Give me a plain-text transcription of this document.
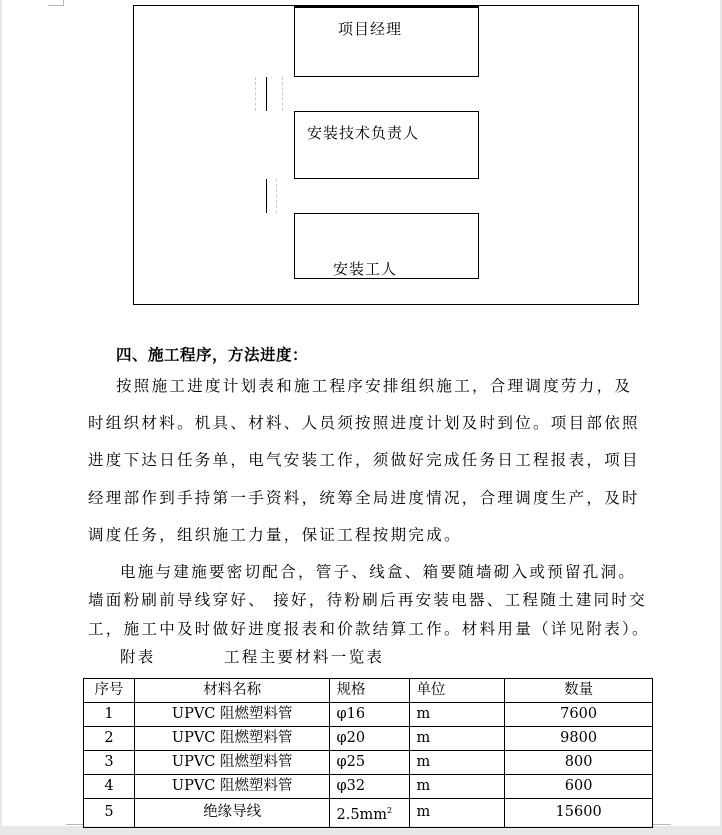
项目经理
安装技术负责人
安装工人
四、施工程序，方法进度：
按照施工进度计划表和施工程序安排组织施工，合理调度劳力，及
时组织材料。机具、材料、人员须按照进度计划及时到位。项目部依照
进度下达日任务单，电气安装工作，须做好完成任务日工程报表，项目
经理部作到手持第一手资料，统筹全局进度情况，合理调度生产，及时
调度任务，组织施工力量，保证工程按期完成。
电施与建施要密切配合，管子、线盒、箱要随墙砌入或预留孔洞。
墙面粉刷前导线穿好、 接好，待粉刷后再安装电器、工程随土建同时交
工，施工中及时做好进度报表和价款结算工作。材料用量（详见附表）。
附表	工程主要材料一览表
序号	材料名称	规格	单位	数量
1	UPVC 阻燃塑料管	φ16	m	7600
2	UPVC 阻燃塑料管	φ20	m	9800
3	UPVC 阻燃塑料管	φ25	m	800
4	UPVC 阻燃塑料管	φ32	m	600
5	绝缘导线	$2.5mm^2$	m	15600
